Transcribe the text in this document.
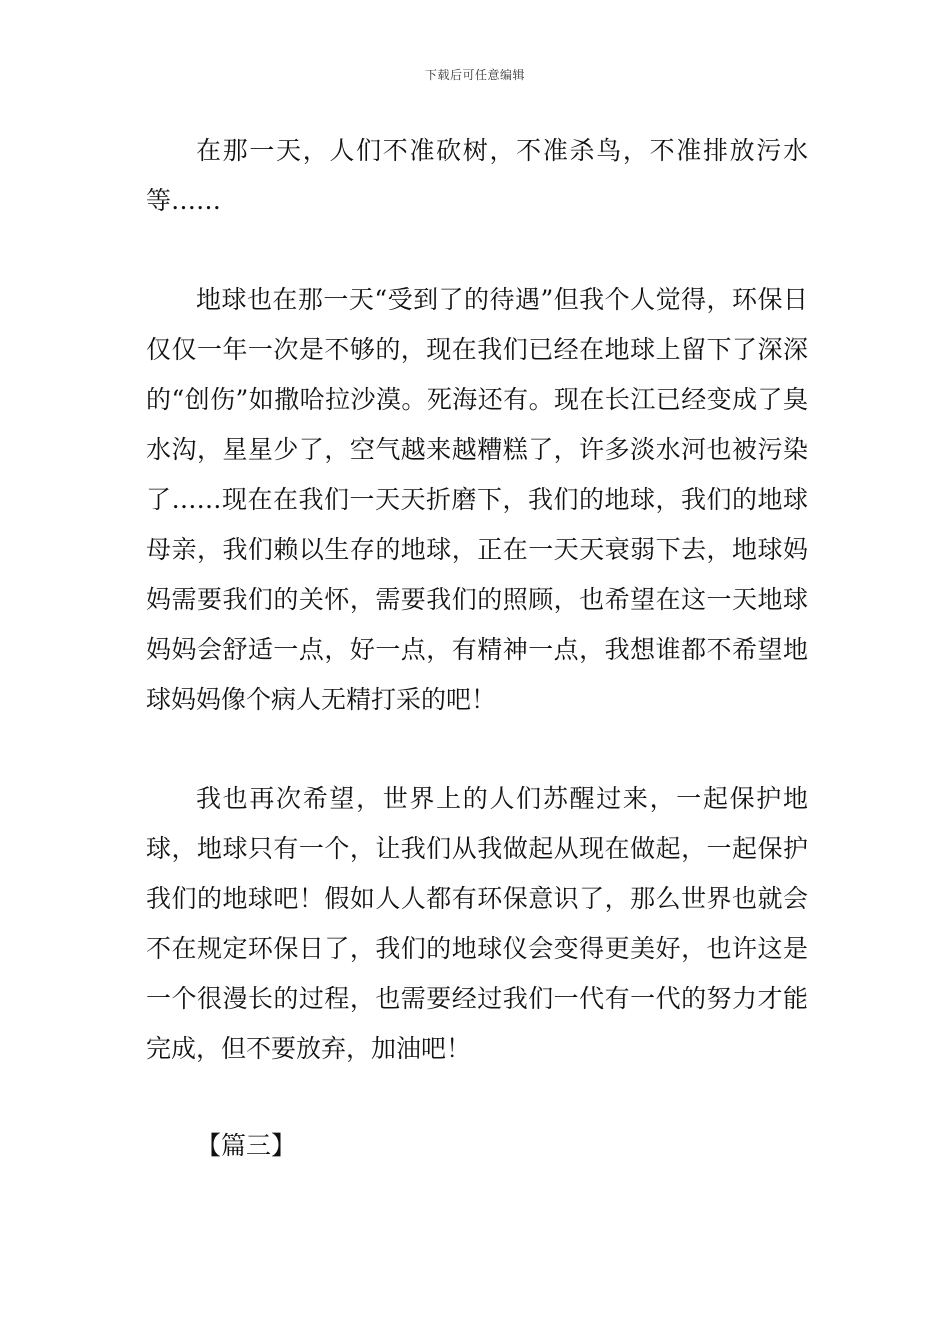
下载后可任意编辑

在那一天，人们不准砍树，不准杀鸟，不准排放污水等……

地球也在那一天“受到了的待遇”但我个人觉得，环保日仅仅一年一次是不够的，现在我们已经在地球上留下了深深的“创伤”如撒哈拉沙漠。死海还有。现在长江已经变成了臭水沟，星星少了，空气越来越糟糕了，许多淡水河也被污染了……现在在我们一天天折磨下，我们的地球，我们的地球母亲，我们赖以生存的地球，正在一天天衰弱下去，地球妈妈需要我们的关怀，需要我们的照顾，也希望在这一天地球妈妈会舒适一点，好一点，有精神一点，我想谁都不希望地球妈妈像个病人无精打采的吧！

我也再次希望，世界上的人们苏醒过来，一起保护地球，地球只有一个，让我们从我做起从现在做起，一起保护我们的地球吧！假如人人都有环保意识了，那么世界也就会不在规定环保日了，我们的地球仪会变得更美好，也许这是一个很漫长的过程，也需要经过我们一代有一代的努力才能完成，但不要放弃，加油吧！

【篇三】
